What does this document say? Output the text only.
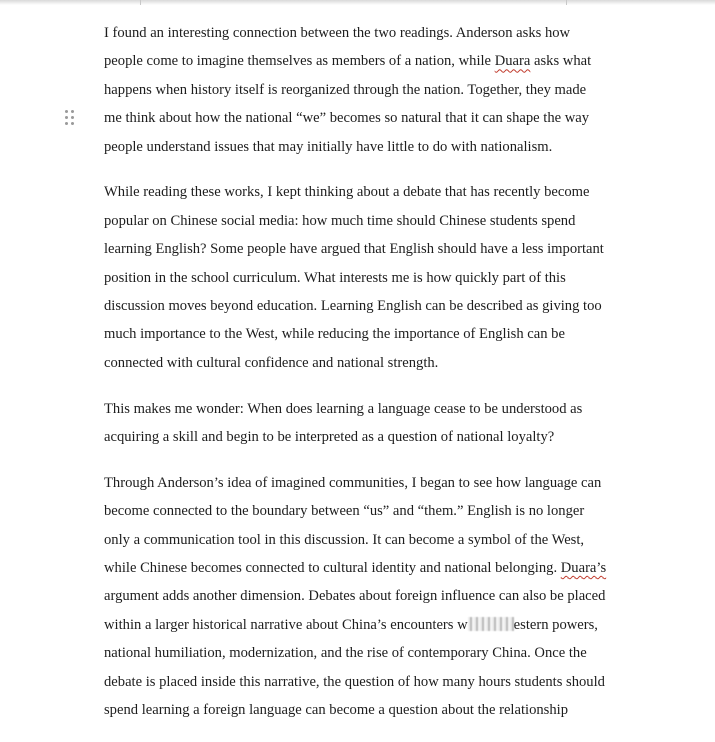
I found an interesting connection between the two readings. Anderson asks how
people come to imagine themselves as members of a nation, while Duara asks what
happens when history itself is reorganized through the nation. Together, they made
me think about how the national “we” becomes so natural that it can shape the way
people understand issues that may initially have little to do with nationalism.

While reading these works, I kept thinking about a debate that has recently become
popular on Chinese social media: how much time should Chinese students spend
learning English? Some people have argued that English should have a less important
position in the school curriculum. What interests me is how quickly part of this
discussion moves beyond education. Learning English can be described as giving too
much importance to the West, while reducing the importance of English can be
connected with cultural confidence and national strength.

This makes me wonder: When does learning a language cease to be understood as
acquiring a skill and begin to be interpreted as a question of national loyalty?

Through Anderson’s idea of imagined communities, I began to see how language can
become connected to the boundary between “us” and “them.” English is no longer
only a communication tool in this discussion. It can become a symbol of the West,
while Chinese becomes connected to cultural identity and national belonging. Duara’s
argument adds another dimension. Debates about foreign influence can also be placed
within a larger historical narrative about China’s encounters w	estern powers,
national humiliation, modernization, and the rise of contemporary China. Once the
debate is placed inside this narrative, the question of how many hours students should
spend learning a foreign language can become a question about the relationship
